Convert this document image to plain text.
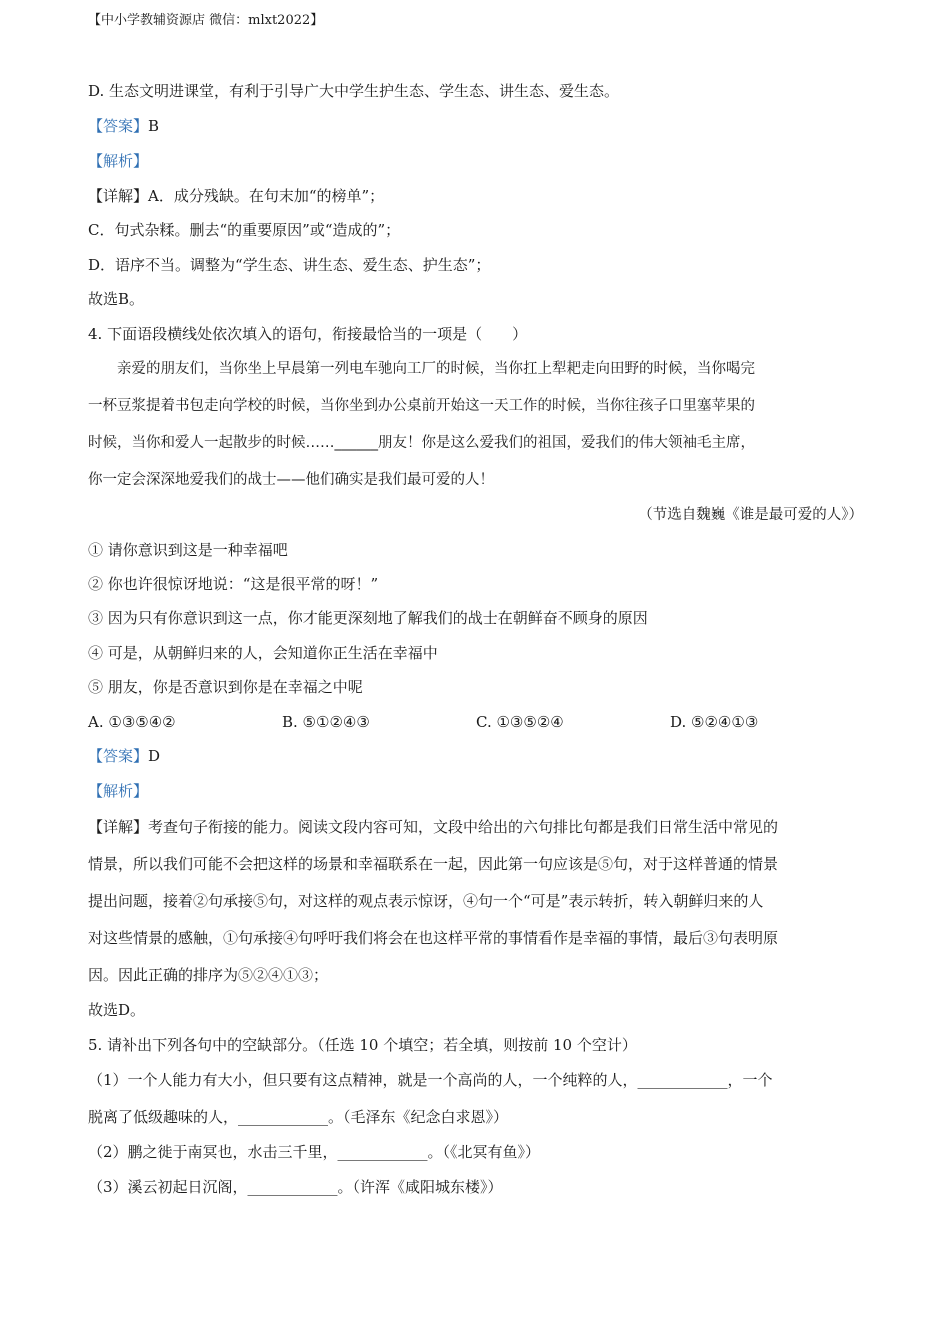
【中小学教辅资源店 微信：mlxt2022】
D. 生态文明进课堂，有利于引导广大中学生护生态、学生态、讲生态、爱生态。
【答案】B
【解析】
【详解】A．成分残缺。在句末加“的榜单”；
C．句式杂糅。删去“的重要原因”或“造成的”；
D．语序不当。调整为“学生态、讲生态、爱生态、护生态”；
故选B。
4. 下面语段横线处依次填入的语句，衔接最恰当的一项是（　　）
　　亲爱的朋友们，当你坐上早晨第一列电车驰向工厂的时候，当你扛上犁耙走向田野的时候，当你喝完
一杯豆浆提着书包走向学校的时候，当你坐到办公桌前开始这一天工作的时候，当你往孩子口里塞苹果的
时候，当你和爱人一起散步的时候……______朋友！你是这么爱我们的祖国，爱我们的伟大领袖毛主席，
你一定会深深地爱我们的战士——他们确实是我们最可爱的人！
（节选自魏巍《谁是最可爱的人》）
① 请你意识到这是一种幸福吧
② 你也许很惊讶地说：“这是很平常的呀！”
③ 因为只有你意识到这一点，你才能更深刻地了解我们的战士在朝鲜奋不顾身的原因
④ 可是，从朝鲜归来的人，会知道你正生活在幸福中
⑤ 朋友，你是否意识到你是在幸福之中呢
A. ①③⑤④②	B. ⑤①②④③	C. ①③⑤②④	D. ⑤②④①③
【答案】D
【解析】
【详解】考查句子衔接的能力。阅读文段内容可知，文段中给出的六句排比句都是我们日常生活中常见的
情景，所以我们可能不会把这样的场景和幸福联系在一起，因此第一句应该是⑤句，对于这样普通的情景
提出问题，接着②句承接⑤句，对这样的观点表示惊讶，④句一个“可是”表示转折，转入朝鲜归来的人
对这些情景的感触，①句承接④句呼吁我们将会在也这样平常的事情看作是幸福的事情，最后③句表明原
因。因此正确的排序为⑤②④①③；
故选D。
5. 请补出下列各句中的空缺部分。（任选 10 个填空；若全填，则按前 10 个空计）
（1）一个人能力有大小，但只要有这点精神，就是一个高尚的人，一个纯粹的人，____________，一个
脱离了低级趣味的人，____________。（毛泽东《纪念白求恩》）
（2）鹏之徙于南冥也，水击三千里，____________。（《北冥有鱼》）
（3）溪云初起日沉阁，____________。（许浑《咸阳城东楼》）
